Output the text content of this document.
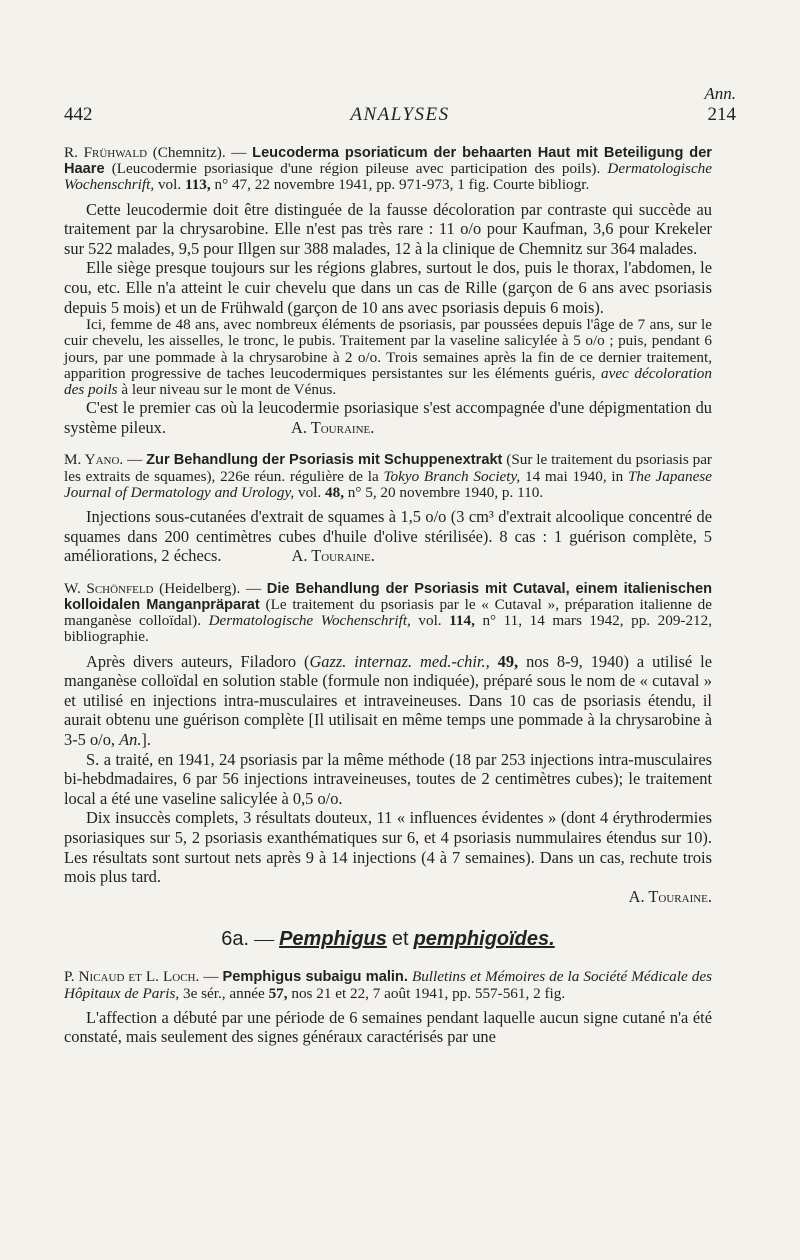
Ann.
442	ANALYSES	214

R. Frühwald (Chemnitz). — Leucoderma psoriaticum der behaarten Haut mit Beteiligung der Haare (Leucodermie psoriasique d'une région pileuse avec participation des poils). Dermatologische Wochenschrift, vol. 113, n° 47, 22 novembre 1941, pp. 971-973, 1 fig. Courte bibliogr.

Cette leucodermie doit être distinguée de la fausse décoloration par contraste qui succède au traitement par la chrysarobine. Elle n'est pas très rare : 11 o/o pour Kaufman, 3,6 pour Krekeler sur 522 malades, 9,5 pour Illgen sur 388 malades, 12 à la clinique de Chemnitz sur 364 malades.

Elle siège presque toujours sur les régions glabres, surtout le dos, puis le thorax, l'abdomen, le cou, etc. Elle n'a atteint le cuir chevelu que dans un cas de Rille (garçon de 6 ans avec psoriasis depuis 5 mois) et un de Frühwald (garçon de 10 ans avec psoriasis depuis 6 mois).

Ici, femme de 48 ans, avec nombreux éléments de psoriasis, par poussées depuis l'âge de 7 ans, sur le cuir chevelu, les aisselles, le tronc, le pubis. Traitement par la vaseline salicylée à 5 o/o ; puis, pendant 6 jours, par une pommade à la chrysarobine à 2 o/o. Trois semaines après la fin de ce dernier traitement, apparition progressive de taches leucodermiques persistantes sur les éléments guéris, avec décoloration des poils à leur niveau sur le mont de Vénus.

C'est le premier cas où la leucodermie psoriasique s'est accompagnée d'une dépigmentation du système pileux.	A. Touraine.

M. Yano. — Zur Behandlung der Psoriasis mit Schuppenextrakt (Sur le traitement du psoriasis par les extraits de squames), 226e réun. régulière de la Tokyo Branch Society, 14 mai 1940, in The Japanese Journal of Dermatology and Urology, vol. 48, n° 5, 20 novembre 1940, p. 110.

Injections sous-cutanées d'extrait de squames à 1,5 o/o (3 cm³ d'extrait alcoolique concentré de squames dans 200 centimètres cubes d'huile d'olive stérilisée). 8 cas : 1 guérison complète, 5 améliorations, 2 échecs.	A. Touraine.

W. Schönfeld (Heidelberg). — Die Behandlung der Psoriasis mit Cutaval, einem italienischen kolloidalen Manganpräparat (Le traitement du psoriasis par le « Cutaval », préparation italienne de manganèse colloïdal). Dermatologische Wochenschrift, vol. 114, n° 11, 14 mars 1942, pp. 209-212, bibliographie.

Après divers auteurs, Filadoro (Gazz. internaz. med.-chir., 49, nos 8-9, 1940) a utilisé le manganèse colloïdal en solution stable (formule non indiquée), préparé sous le nom de « cutaval » et utilisé en injections intra-musculaires et intraveineuses. Dans 10 cas de psoriasis étendu, il aurait obtenu une guérison complète [Il utilisait en même temps une pommade à la chrysarobine à 3-5 o/o, An.].

S. a traité, en 1941, 24 psoriasis par la même méthode (18 par 253 injections intra-musculaires bi-hebdmadaires, 6 par 56 injections intraveineuses, toutes de 2 centimètres cubes); le traitement local a été une vaseline salicylée à 0,5 o/o.

Dix insuccès complets, 3 résultats douteux, 11 « influences évidentes » (dont 4 érythrodermies psoriasiques sur 5, 2 psoriasis exanthématiques sur 6, et 4 psoriasis nummulaires étendus sur 10). Les résultats sont surtout nets après 9 à 14 injections (4 à 7 semaines). Dans un cas, rechute trois mois plus tard.

A. Touraine.

6a. — Pemphigus et pemphigoïdes.

P. Nicaud et L. Loch. — Pemphigus subaigu malin. Bulletins et Mémoires de la Société Médicale des Hôpitaux de Paris, 3e sér., année 57, nos 21 et 22, 7 août 1941, pp. 557-561, 2 fig.

L'affection a débuté par une période de 6 semaines pendant laquelle aucun signe cutané n'a été constaté, mais seulement des signes généraux caractérisés par une
